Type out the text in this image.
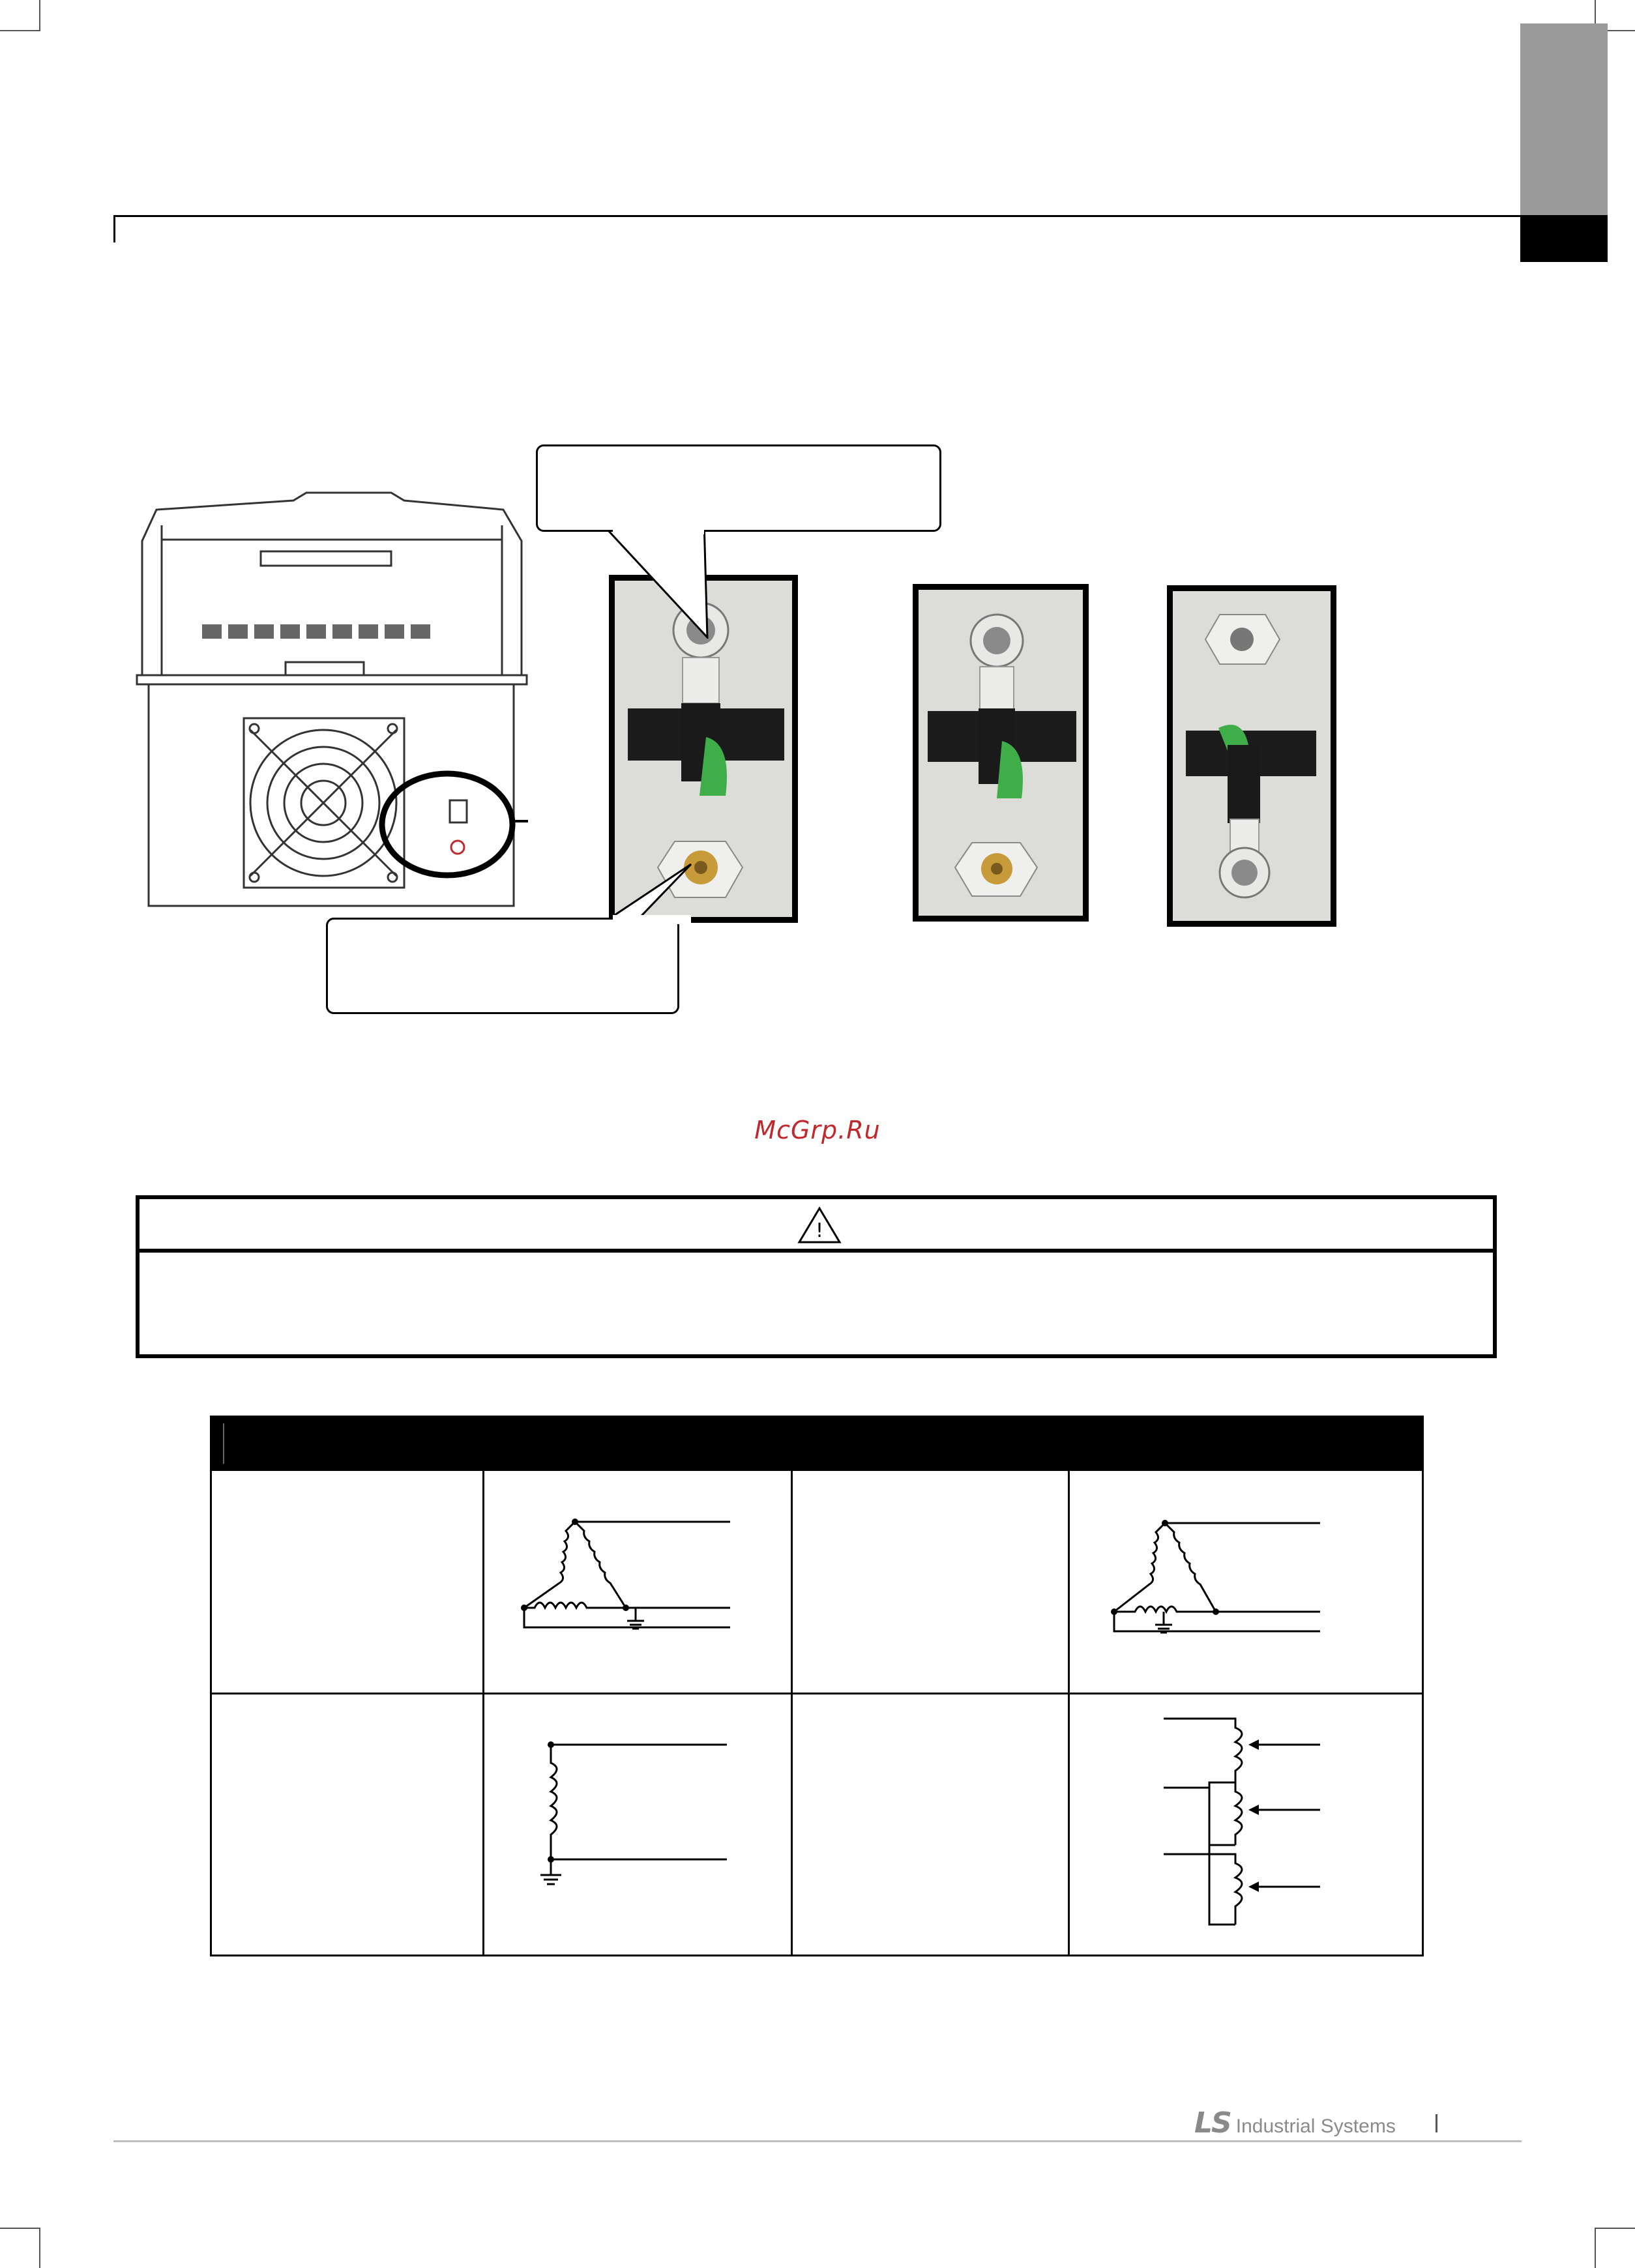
McGrp.Ru
!
LS Industrial Systems
